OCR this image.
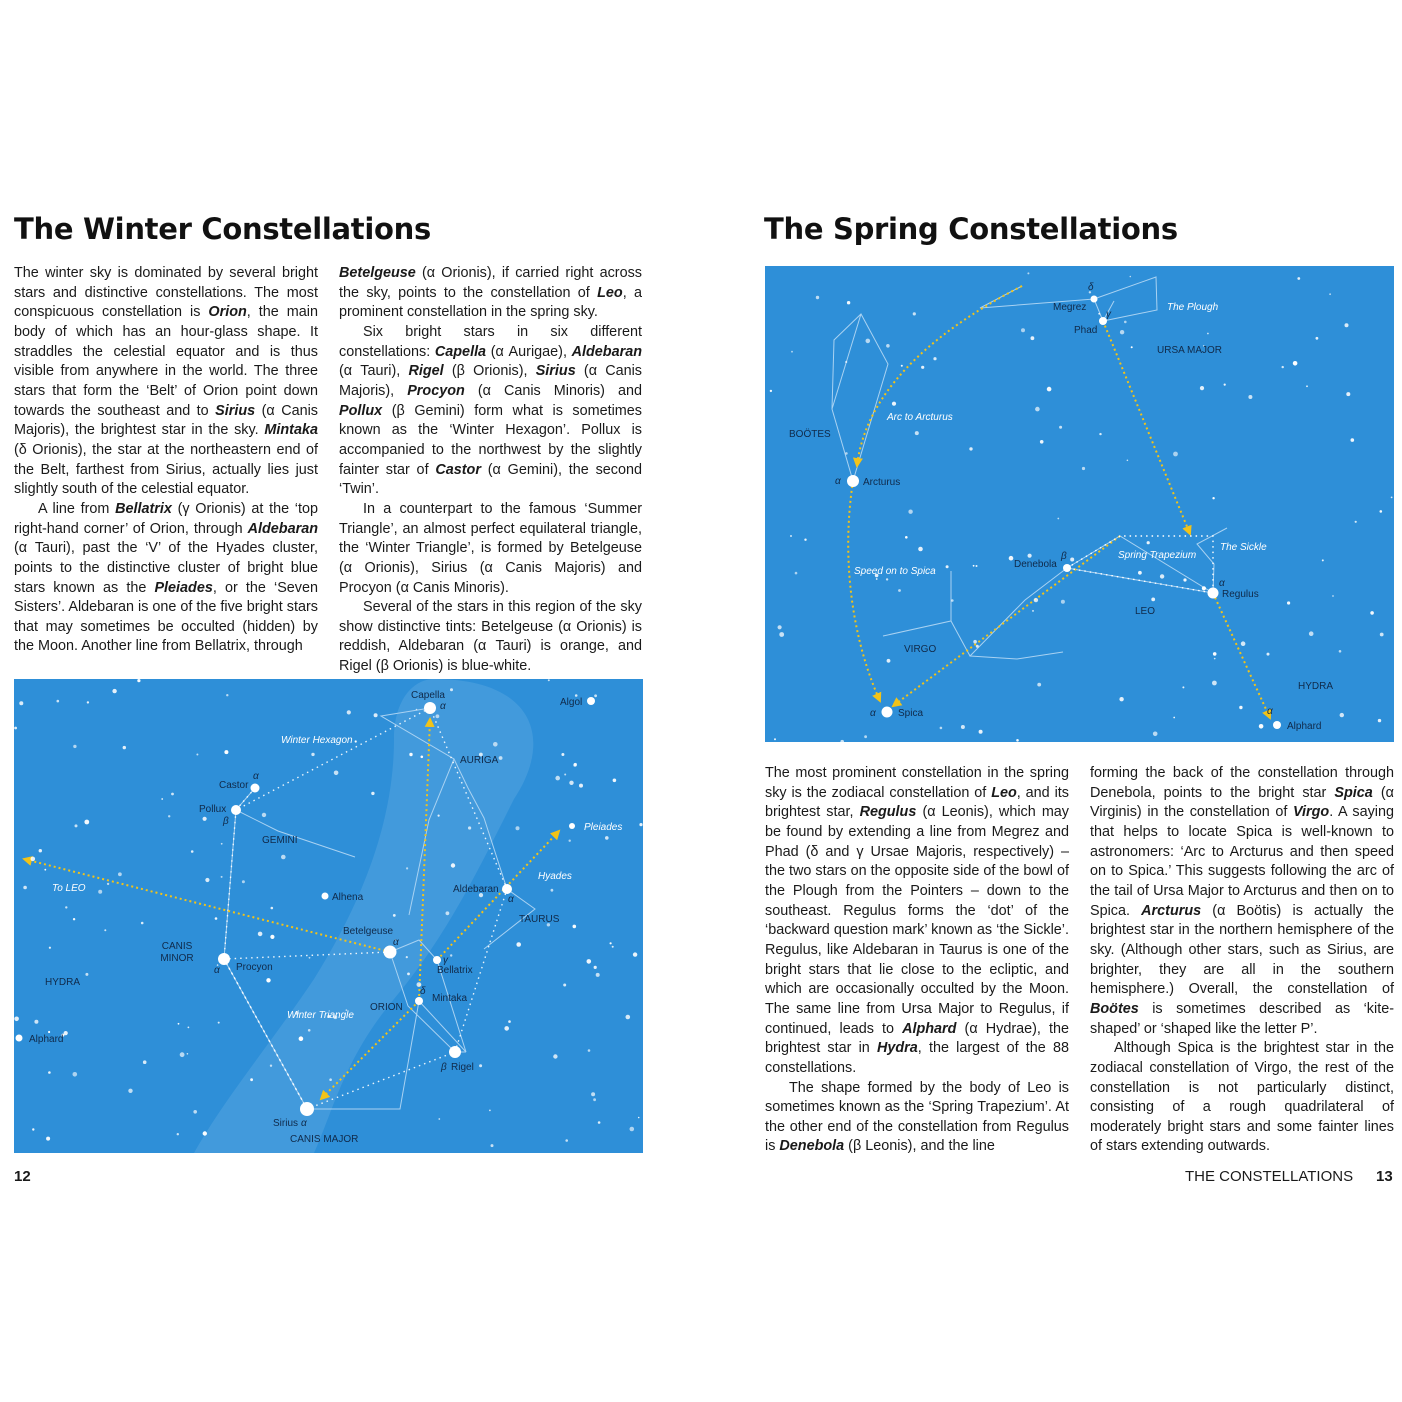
The Winter Constellations

The winter sky is dominated by several bright stars and distinctive constellations. The most conspicuous constellation is Orion, the main body of which has an hour-glass shape. It straddles the celestial equator and is thus visible from anywhere in the world. The three stars that form the ‘Belt’ of Orion point down towards the southeast and to Sirius (α Canis Majoris), the brightest star in the sky. Mintaka (δ Orionis), the star at the northeastern end of the Belt, farthest from Sirius, actually lies just slightly south of the celestial equator.

A line from Bellatrix (γ Orionis) at the ‘top right-hand corner’ of Orion, through Aldebaran (α Tauri), past the ‘V’ of the Hyades cluster, points to the distinctive cluster of bright blue stars known as the Pleiades, or the ‘Seven Sisters’. Aldebaran is one of the five bright stars that may sometimes be occulted (hidden) by the Moon. Another line from Bellatrix, through

Betelgeuse (α Orionis), if carried right across the sky, points to the constellation of Leo, a prominent constellation in the spring sky.

Six bright stars in six different constellations: Capella (α Aurigae), Aldebaran (α Tauri), Rigel (β Orionis), Sirius (α Canis Majoris), Procyon (α Canis Minoris) and Pollux (β Gemini) form what is sometimes known as the ‘Winter Hexagon’. Pollux is accompanied to the northwest by the slightly fainter star of Castor (α Gemini), the second ‘Twin’.

In a counterpart to the famous ‘Summer Triangle’, an almost perfect equilateral triangle, the ‘Winter Triangle’, is formed by Betelgeuse (α Orionis), Sirius (α Canis Majoris) and Procyon (α Canis Minoris).

Several of the stars in this region of the sky show distinctive tints: Betelgeuse (α Orionis) is reddish, Aldebaran (α Tauri) is orange, and Rigel (β Orionis) is blue-white.

Capella
Algol
Winter Hexagon
AURIGA
Castor
Pollux
GEMINI
Pleiades
To LEO
Hyades
Aldebaran
Alhena
TAURUS
Betelgeuse
CANIS MINOR
Procyon	Bellatrix
HYDRA
Winter Triangle
ORION
Mintaka
Alphard
Rigel
Sirius
CANIS MAJOR
α
α
β
α
α
α
γ
δ
β
α
12
The Spring Constellations
Megrez
Phad
The Plough
URSA MAJOR
Arc to Arcturus
BOÖTES
Arcturus
The Sickle
Spring Trapezium
Denebola
Speed on to Spica
Regulus
LEO
VIRGO
HYDRA
Spica
Alphard
δ
γ
α
β
α
α	α

The most prominent constellation in the spring sky is the zodiacal constellation of Leo, and its brightest star, Regulus (α Leonis), which may be found by extending a line from Megrez and Phad (δ and γ Ursae Majoris, respectively) – the two stars on the opposite side of the bowl of the Plough from the Pointers – down to the southeast. Regulus forms the ‘dot’ of the ‘backward question mark’ known as ‘the Sickle’. Regulus, like Aldebaran in Taurus is one of the bright stars that lie close to the ecliptic, and which are occasionally occulted by the Moon. The same line from Ursa Major to Regulus, if continued, leads to Alphard (α Hydrae), the brightest star in Hydra, the largest of the 88 constellations.

The shape formed by the body of Leo is sometimes known as the ‘Spring Trapezium’. At the other end of the constellation from Regulus is Denebola (β Leonis), and the line

forming the back of the constellation through Denebola, points to the bright star Spica (α Virginis) in the constellation of Virgo. A saying that helps to locate Spica is well-known to astronomers: ‘Arc to Arcturus and then speed on to Spica.’ This suggests following the arc of the tail of Ursa Major to Arcturus and then on to Spica. Arcturus (α Boötis) is actually the brightest star in the northern hemisphere of the sky. (Although other stars, such as Sirius, are brighter, they are all in the southern hemisphere.) Overall, the constellation of Boötes is sometimes described as ‘kite-shaped’ or ‘shaped like the letter P’.

Although Spica is the brightest star in the zodiacal constellation of Virgo, the rest of the constellation is not particularly distinct, consisting of a rough quadrilateral of moderately bright stars and some fainter lines of stars extending outwards.

THE CONSTELLATIONS 13
